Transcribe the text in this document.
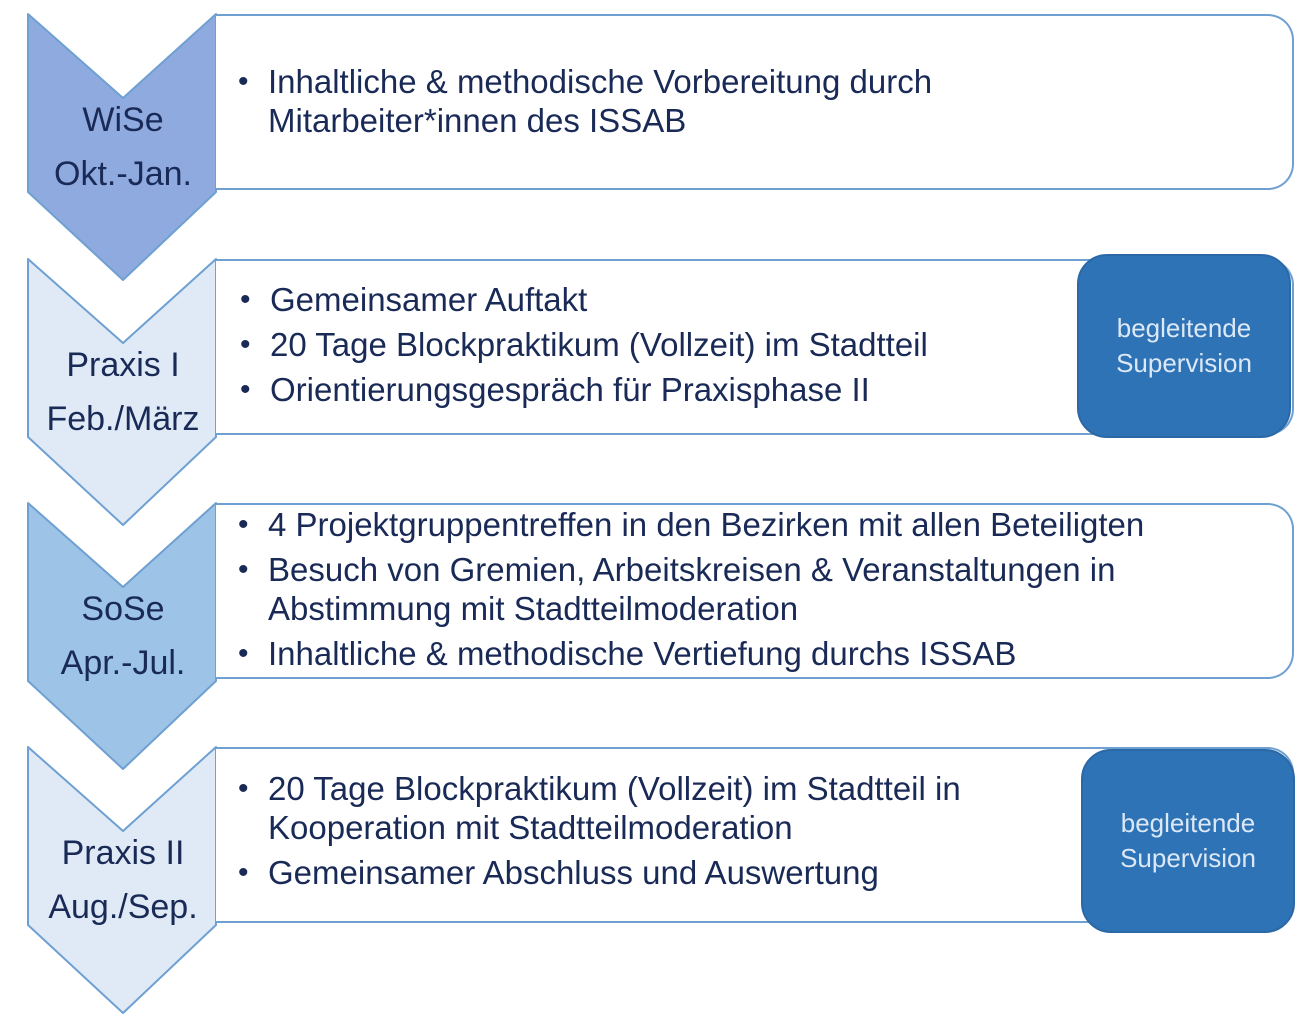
WiSe
Okt.-Jan.
• Inhaltliche & methodische Vorbereitung durch Mitarbeiter*innen des ISSAB
Praxis I
Feb./März
• Gemeinsamer Auftakt
• 20 Tage Blockpraktikum (Vollzeit) im Stadtteil
• Orientierungsgespräch für Praxisphase II
begleitende
Supervision
SoSe
Apr.-Jul.
• 4 Projektgruppentreffen in den Bezirken mit allen Beteiligten
• Besuch von Gremien, Arbeitskreisen & Veranstaltungen in Abstimmung mit Stadtteilmoderation
• Inhaltliche & methodische Vertiefung durchs ISSAB
Praxis II
Aug./Sep.
• 20 Tage Blockpraktikum (Vollzeit) im Stadtteil in Kooperation mit Stadtteilmoderation
• Gemeinsamer Abschluss und Auswertung
begleitende
Supervision
